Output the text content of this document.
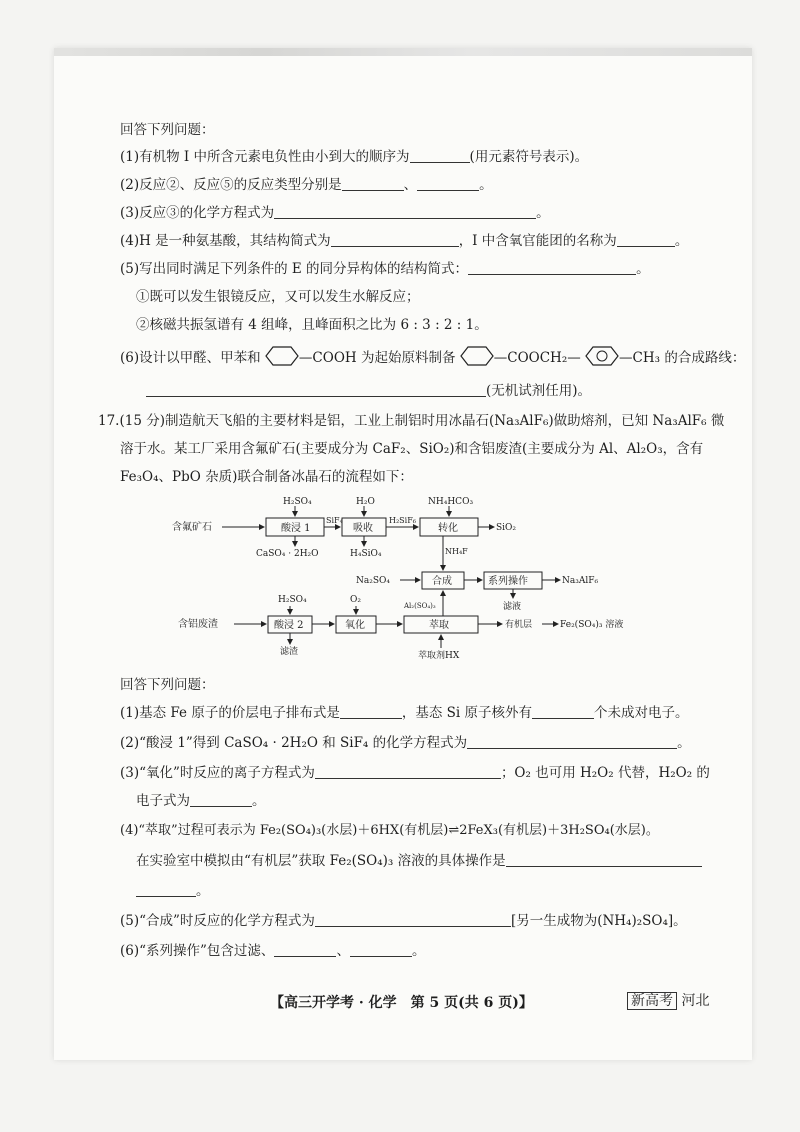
回答下列问题：
(1)有机物 I 中所含元素电负性由小到大的顺序为	(用元素符号表示)。
(2)反应②、反应⑤的反应类型分别是	、	。
(3)反应③的化学方程式为	。
(4)H 是一种氨基酸，其结构简式为	，I 中含氧官能团的名称为	。
(5)写出同时满足下列条件的 E 的同分异构体的结构简式：	。
①既可以发生银镜反应，又可以发生水解反应；
②核磁共振氢谱有 4 组峰，且峰面积之比为 6 : 3 : 2 : 1。
(6)设计以甲醛、甲苯和	—COOH 为起始原料制备	—COOCH₂—	—CH₃ 的合成路线：
(无机试剂任用)。
17.(15 分)制造航天飞船的主要材料是铝，工业上制铝时用冰晶石(Na₃AlF₆)做助熔剂，已知 Na₃AlF₆ 微
溶于水。某工厂采用含氟矿石(主要成分为 CaF₂、SiO₂)和含铝废渣(主要成分为 Al、Al₂O₃，含有
Fe₃O₄、PbO 杂质)联合制备冰晶石的流程如下：
含氟矿石	酸浸 1
H₂SO₄
CaSO₄ · 2H₂O
SiF₄
吸收
H₂O
H₂SiF₆
H₄SiO₄
转化
NH₄HCO₃
SiO₂
NH₄F
Na₂SO₄	合成	系列操作	Na₃AlF₆
滤液
含铝废渣	酸浸 2
H₂SO₄
滤渣
氧化
O₂
萃取
Al₂(SO₄)₃
萃取剂HX
有机层	Fe₂(SO₄)₃ 溶液
回答下列问题：
(1)基态 Fe 原子的价层电子排布式是	，基态 Si 原子核外有	个未成对电子。
(2)“酸浸 1”得到 CaSO₄ · 2H₂O 和 SiF₄ 的化学方程式为	。
(3)“氧化”时反应的离子方程式为	；O₂ 也可用 H₂O₂ 代替，H₂O₂ 的
电子式为	。
(4)“萃取”过程可表示为 Fe₂(SO₄)₃(水层)＋6HX(有机层)⇌2FeX₃(有机层)＋3H₂SO₄(水层)。
在实验室中模拟由“有机层”获取 Fe₂(SO₄)₃ 溶液的具体操作是
。
(5)“合成”时反应的化学方程式为	[另一生成物为(NH₄)₂SO₄]。
(6)“系列操作”包含过滤、	、	。
【高三开学考 · 化学　第 5 页(共 6 页)】	新高考 河北
